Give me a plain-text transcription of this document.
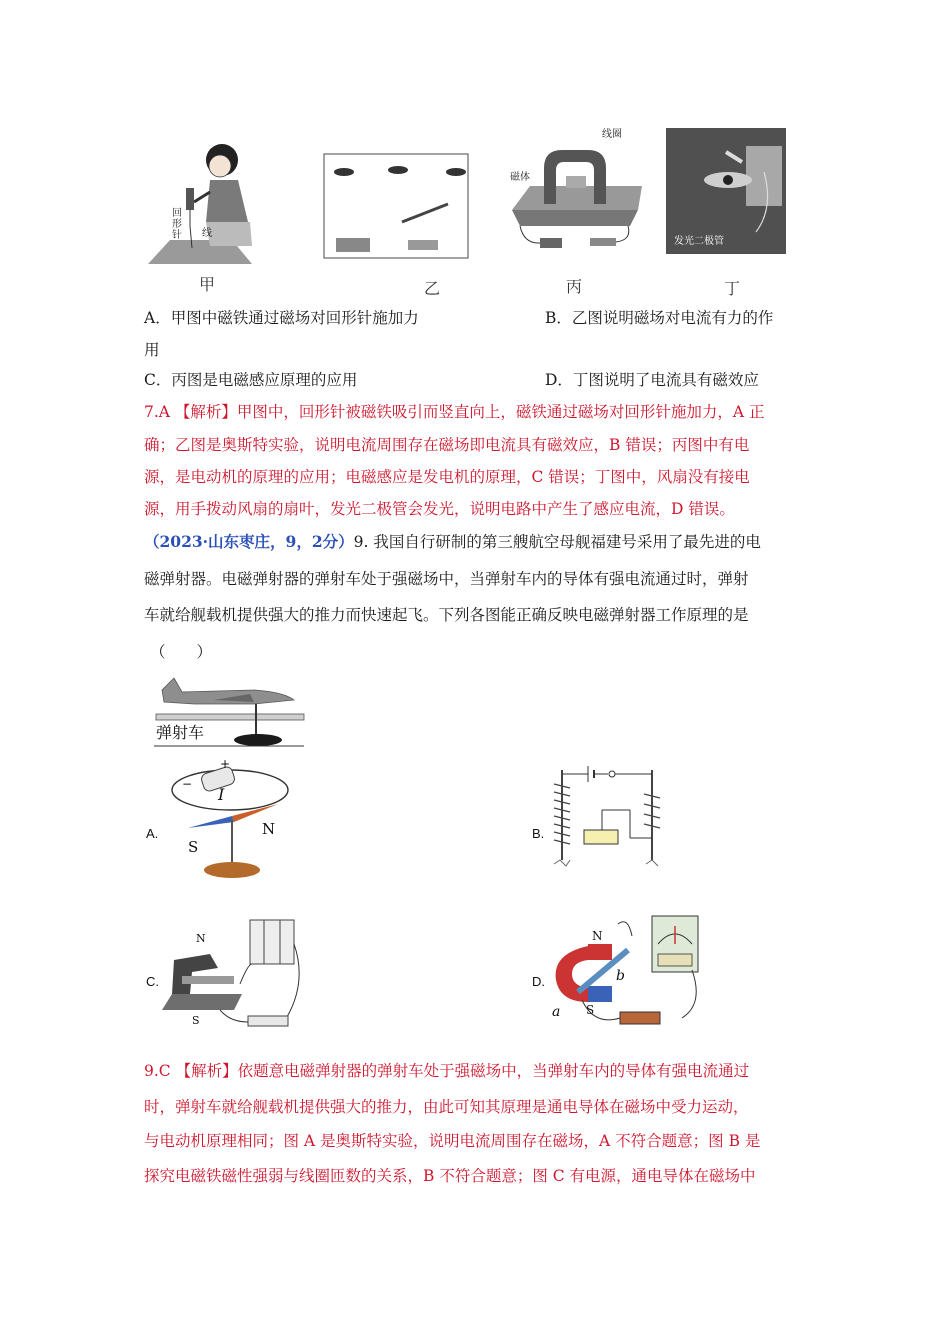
回
形
针 线
甲	乙
线圈
磁体
丙
发光二极管
丁
A．甲图中磁铁通过磁场对回形针施加力	B．乙图说明磁场对电流有力的作
用
C．丙图是电磁感应原理的应用	D．丁图说明了电流具有磁效应
7.A 【解析】甲图中，回形针被磁铁吸引而竖直向上，磁铁通过磁场对回形针施加力，A 正
确；乙图是奥斯特实验，说明电流周围存在磁场即电流具有磁效应，B 错误；丙图中有电
源，是电动机的原理的应用；电磁感应是发电机的原理，C 错误；丁图中，风扇没有接电
源，用手拨动风扇的扇叶，发光二极管会发光，说明电路中产生了感应电流，D 错误。
（2023·山东枣庄，9，2分）9. 我国自行研制的第三艘航空母舰福建号采用了最先进的电
磁弹射器。电磁弹射器的弹射车处于强磁场中，当弹射车内的导体有强电流通过时，弹射
车就给舰载机提供强大的推力而快速起飞。下列各图能正确反映电磁弹射器工作原理的是
（　　）
弹射车
A.
I
N
S
+
−
B.
C.
N
S
D.
N
S
a
b
9.C 【解析】依题意电磁弹射器的弹射车处于强磁场中，当弹射车内的导体有强电流通过
时，弹射车就给舰载机提供强大的推力，由此可知其原理是通电导体在磁场中受力运动，
与电动机原理相同；图 A 是奥斯特实验，说明电流周围存在磁场，A 不符合题意；图 B 是
探究电磁铁磁性强弱与线圈匝数的关系，B 不符合题意；图 C 有电源，通电导体在磁场中
